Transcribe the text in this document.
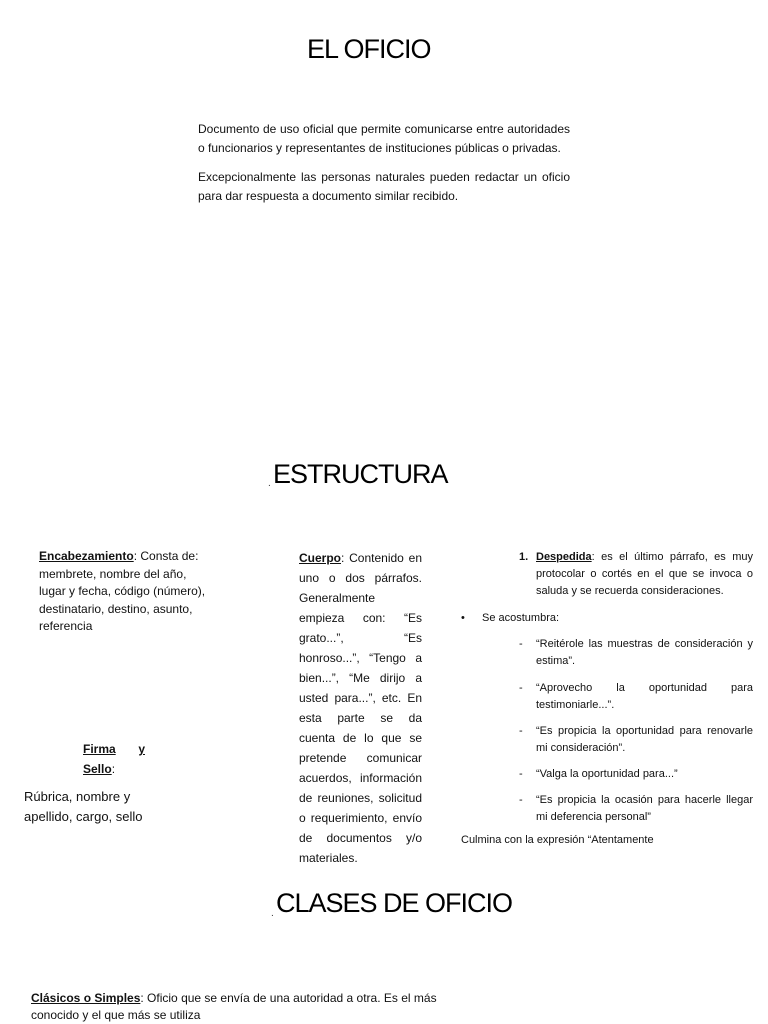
EL OFICIO
Documento de uso oficial que permite comunicarse entre autoridades o funcionarios y representantes de instituciones públicas o privadas.
Excepcionalmente las personas naturales pueden redactar un oficio para dar respuesta a documento similar recibido.
. ESTRUCTURA
Encabezamiento: Consta de: membrete, nombre del año, lugar y fecha, código (número), destinatario, destino, asunto, referencia
Firma y
Sello:
Rúbrica, nombre y apellido, cargo, sello
Cuerpo: Contenido en uno o dos párrafos. Generalmente empieza con: “Es grato...”, “Es honroso...”, “Tengo a bien...”, “Me dirijo a usted para...”, etc. En esta parte se da cuenta de lo que se pretende comunicar acuerdos, información de reuniones, solicitud o requerimiento, envío de documentos y/o materiales.
1. Despedida: es el último párrafo, es muy protocolar o cortés en el que se invoca o saluda y se recuerda consideraciones.
• Se acostumbra:
- “Reitérole las muestras de consideración y estima”.
- “Aprovecho la oportunidad para testimoniarle...”.
- “Es propicia la oportunidad para renovarle mi consideración”.
- “Valga la oportunidad para...”
- “Es propicia la ocasión para hacerle llegar mi deferencia personal”
Culmina con la expresión “Atentamente
. CLASES DE OFICIO
Clásicos o Simples: Oficio que se envía de una autoridad a otra. Es el más conocido y el que más se utiliza
